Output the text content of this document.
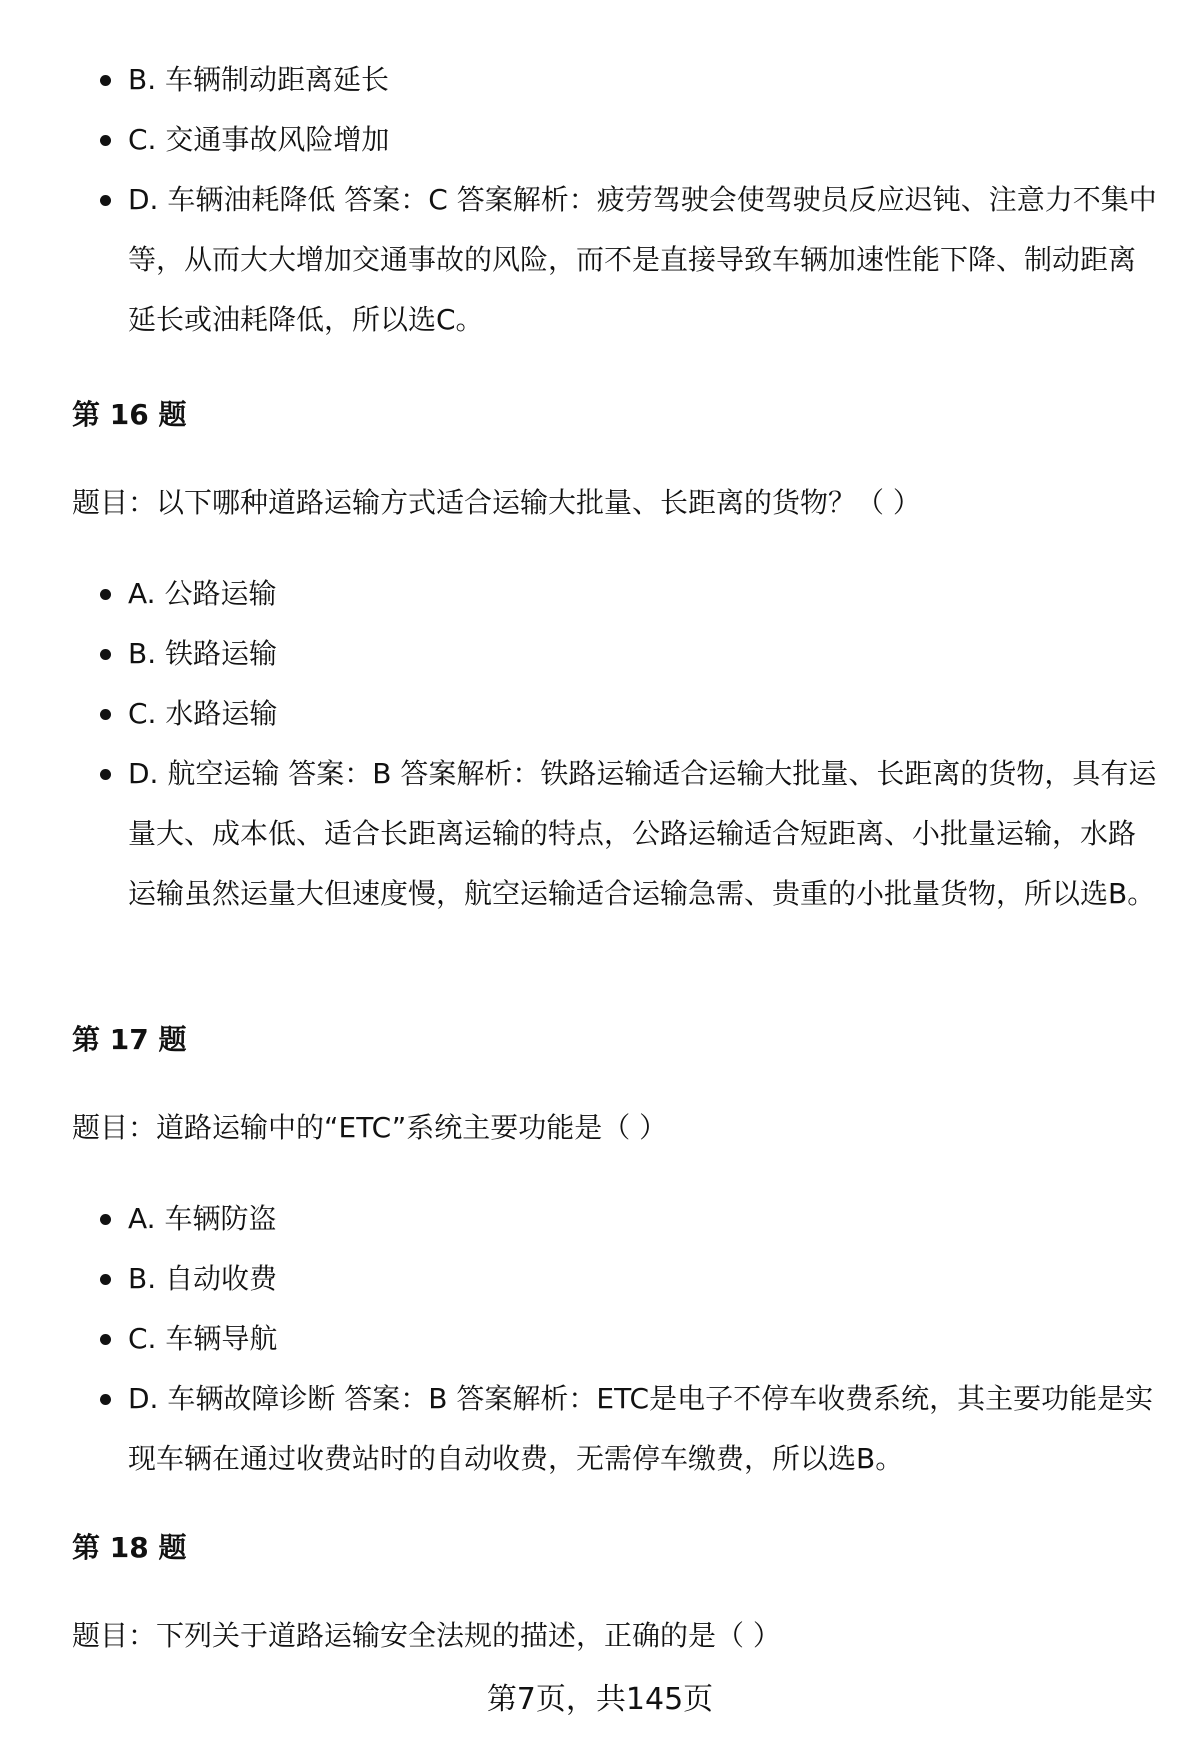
B. 车辆制动距离延长
C. 交通事故风险增加
D. 车辆油耗降低 答案：C 答案解析：疲劳驾驶会使驾驶员反应迟钝、注意力不集中等，从而大大增加交通事故的风险，而不是直接导致车辆加速性能下降、制动距离延长或油耗降低，所以选C。
第 16 题

题目：以下哪种道路运输方式适合运输大批量、长距离的货物？（ ）

A. 公路运输
B. 铁路运输
C. 水路运输
D. 航空运输 答案：B 答案解析：铁路运输适合运输大批量、长距离的货物，具有运量大、成本低、适合长距离运输的特点，公路运输适合短距离、小批量运输，水路运输虽然运量大但速度慢，航空运输适合运输急需、贵重的小批量货物，所以选B。
第 17 题

题目：道路运输中的“ETC”系统主要功能是（ ）

A. 车辆防盗
B. 自动收费
C. 车辆导航
D. 车辆故障诊断 答案：B 答案解析：ETC是电子不停车收费系统，其主要功能是实现车辆在通过收费站时的自动收费，无需停车缴费，所以选B。
第 18 题

题目：下列关于道路运输安全法规的描述，正确的是（ ）

第7页，共145页
